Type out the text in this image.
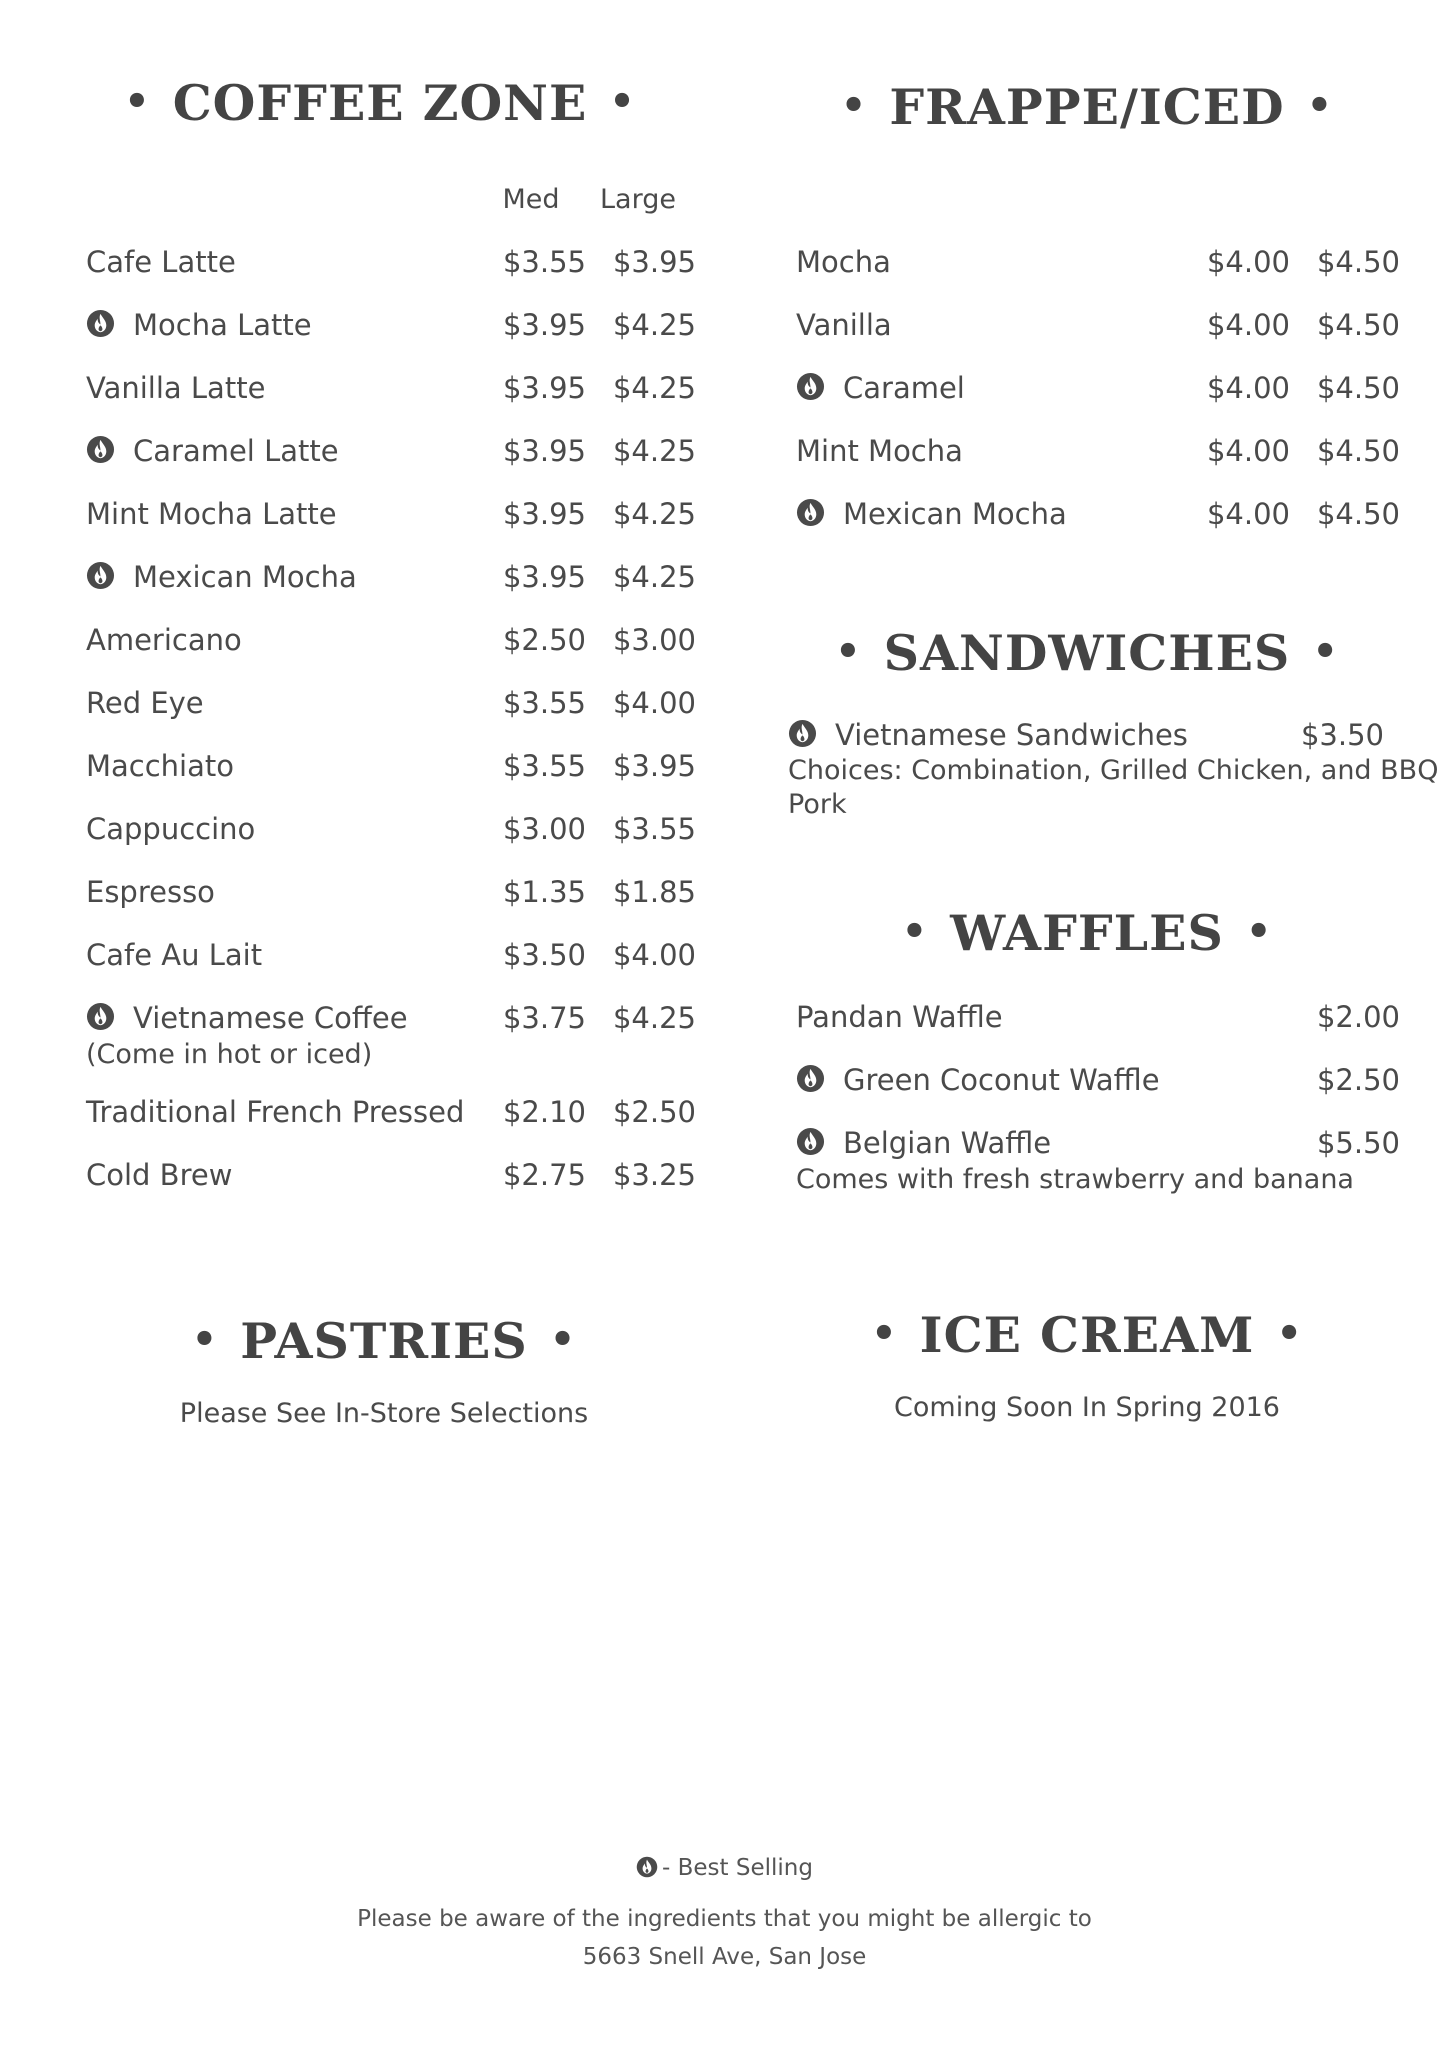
• COFFEE ZONE •
Med Large
• FRAPPE/ICED •
• SANDWICHES •
Vietnamese Sandwiches	$3.50
Choices: Combination, Grilled Chicken, and BBQ
Pork
• WAFFLES •
• PASTRIES •
Please See In-Store Selections
• ICE CREAM •
Coming Soon In Spring 2016
- Best Selling
Please be aware of the ingredients that you might be allergic to
5663 Snell Ave, San Jose
Cafe Latte	$3.55 $3.95
Mocha Latte	$3.95 $4.25
Vanilla Latte	$3.95 $4.25
Caramel Latte	$3.95 $4.25
Mint Mocha Latte	$3.95 $4.25
Mexican Mocha	$3.95 $4.25
Americano	$2.50 $3.00
Red Eye	$3.55 $4.00
Macchiato	$3.55 $3.95
Cappuccino	$3.00 $3.55
Espresso	$1.35 $1.85
Cafe Au Lait	$3.50 $4.00
Vietnamese Coffee	$3.75 $4.25
(Come in hot or iced)
Traditional French Pressed	$2.10 $2.50
Cold Brew	$2.75 $3.25
Mocha	$4.00 $4.50
Vanilla	$4.00 $4.50
Caramel	$4.00 $4.50
Mint Mocha	$4.00 $4.50
Mexican Mocha	$4.00 $4.50
Pandan Waffle	$2.00
Green Coconut Waffle	$2.50
Belgian Waffle	$5.50
Comes with fresh strawberry and banana
